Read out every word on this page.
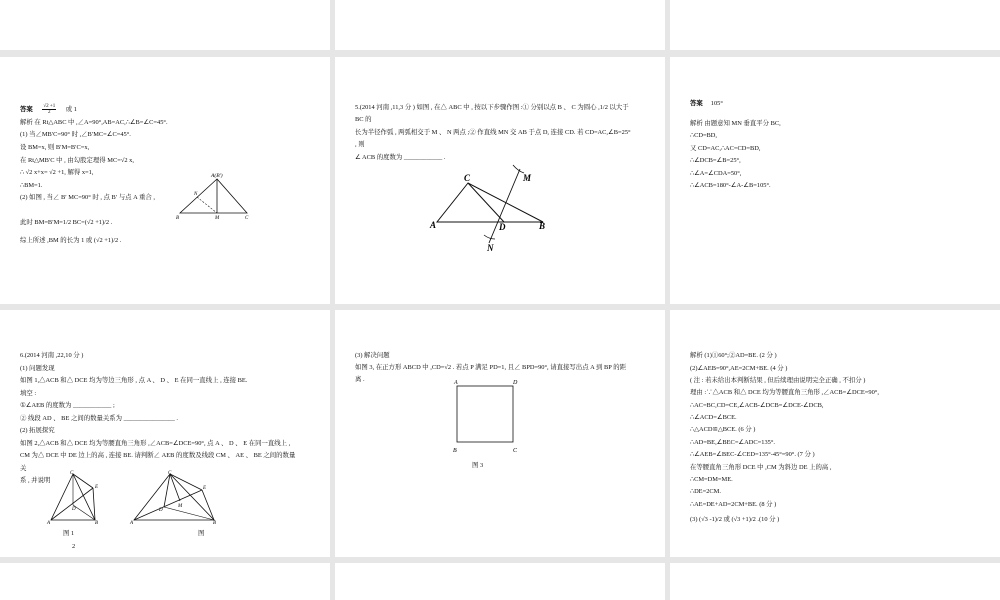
答案 $\frac{√2 +1}{2}$ 或 1
解析 在 Rt△ABC 中 ,∠A=90°,AB=AC,∴∠B=∠C=45°.
(1) 当∠MB′C=90° 时 ,∠B′MC=∠C=45°.
设 BM=x, 则 B′M=B′C=x,
在 Rt△MB′C 中 , 由勾股定理得 MC=√2 x,
∴ √2 x+x= √2 +1, 解得 x=1,
∴BM=1.
(2) 如图 , 当∠ B′ MC=90° 时 , 点 B′ 与点 A 重合 ,
此时 BM=B′M=1/2 BC=(√2 +1)/2 .
综上所述 ,BM 的长为 1 或 (√2 +1)/2 .
A(B′)
N
B	M	C
5.(2014 河南 ,11,3 分 ) 如图 , 在△ ABC 中 , 按以下步骤作图 :① 分别以点 B 、 C 为圆心 ,1/2 以大于
BC 的
长为半径作弧 , 两弧相交于 M 、 N 两点 ;② 作直线 MN 交 AB 于点 D, 连接 CD. 若 CD=AC,∠B=25°
, 则
∠ ACB 的度数为 ____________ .
C	M
A	D	B
N
答案 105°
解析 由题意知 MN 垂直平分 BC,
∴CD=BD,
又 CD=AC,∴AC=CD=BD,
∴∠DCB=∠B=25°,
∴∠A=∠CDA=50°,
∴∠ACB=180°-∠A-∠B=105°.
6.(2014 河南 ,22,10 分 )
(1) 问题发现
如图 1,△ACB 和△ DCE 均为等边三角形 , 点 A 、 D 、 E 在同一直线上 , 连接 BE.
填空 :
①∠AEB 的度数为 ____________ ;
② 线段 AD 、 BE 之间的数量关系为 ________________ .
(2) 拓展探究
如图 2,△ACB 和△ DCE 均为等腰直角三角形 ,∠ACB=∠DCE=90°, 点 A 、 D 、 E 在同一直线上 ,
CM 为△ DCE 中 DE 边上的高 , 连接 BE. 请判断∠ AEB 的度数及线段 CM 、 AE 、 BE 之间的数量
关
系 , 并说明
C
E
D
A	B
图 1
2
C
E
D
M
A	B
图
(3) 解决问题
如图 3, 在正方形 ABCD 中 ,CD=√2 . 若点 P 满足 PD=1, 且∠ BPD=90°, 请直接写出点 A 到 BP 的距
离 .	A	D
B	C
图 3
解析 (1)①60°;②AD=BE. (2 分 )
(2)∠AEB=90°,AE=2CM+BE. (4 分 )
( 注 : 若未给出本判断结果 , 但后续理由说明完全正确 , 不扣分 )
理由 :∵△ACB 和△ DCE 均为等腰直角三角形 ,∠ACB=∠DCE=90°,
∴AC=BC,CD=CE,∠ACB-∠DCB=∠DCE-∠DCB,
∴∠ACD=∠BCE.
∴△ACD≌△BCE. (6 分 )
∴AD=BE,∠BEC=∠ADC=135°.
∴∠AEB=∠BEC-∠CED=135°-45°=90°. (7 分 )
在等腰直角三角形 DCE 中 ,CM 为斜边 DE 上的高 ,
∴CM=DM=ME.
∴DE=2CM.
∴AE=DE+AD=2CM+BE. (8 分 )
(3) (√3 -1)/2 或 (√3 +1)/2 .(10 分 )
